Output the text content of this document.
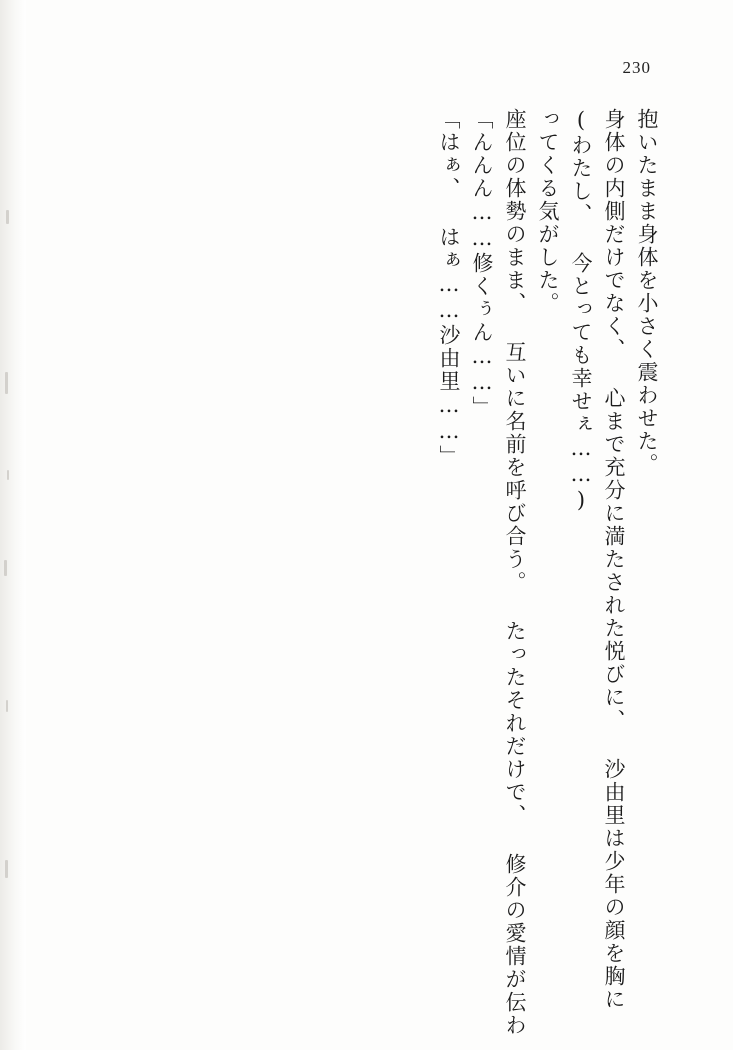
230
「はぁ、 はぁ……沙由里……」 「んんん……修くぅん……」 座位の体勢のまま、 互いに名前を呼び合う。 たったそれだけで、 修介の愛情が伝わ ってくる気がした。 (わたし、 今とっても幸せぇ……) 身体の内側だけでなく、 心まで充分に満たされた悦びに、 沙由里は少年の顔を胸に 抱いたまま身体を小さく震わせた。
